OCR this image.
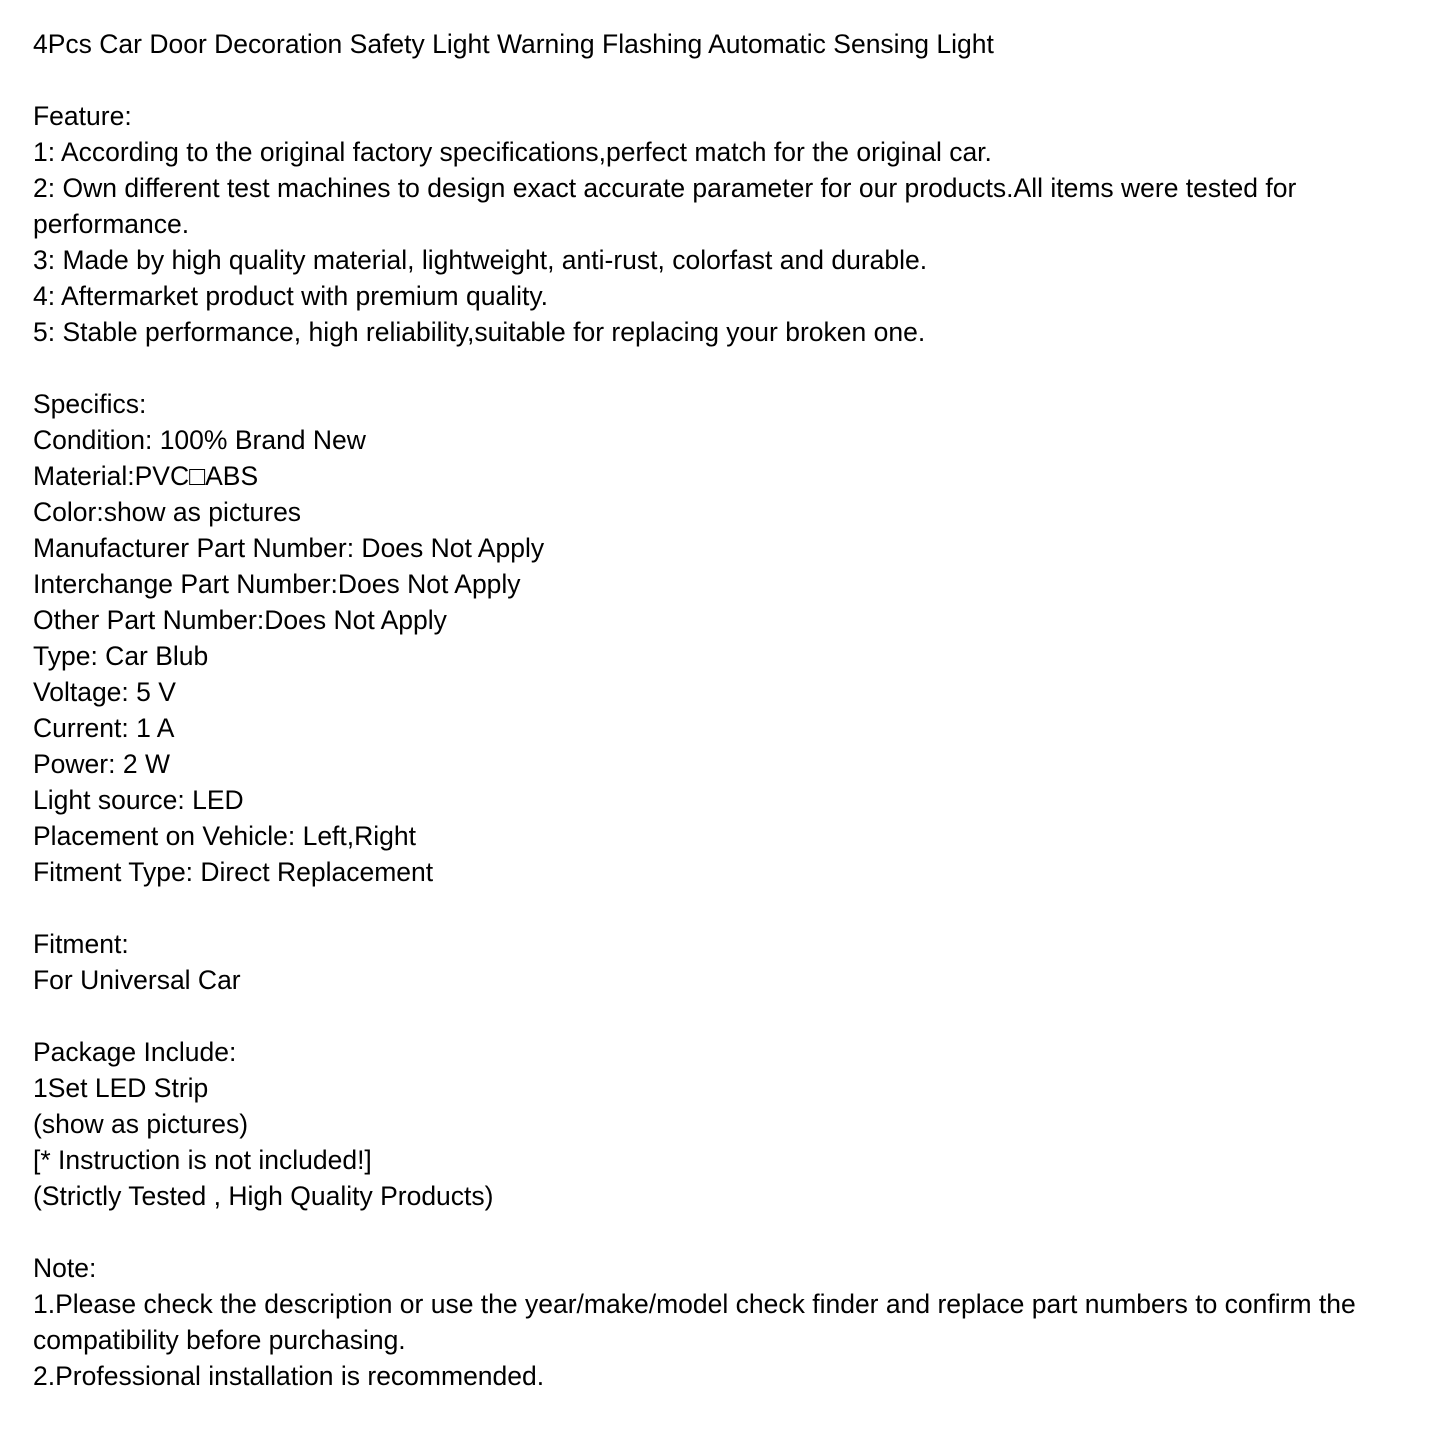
4Pcs Car Door Decoration Safety Light Warning Flashing Automatic Sensing Light

Feature:

1: According to the original factory specifications,perfect match for the original car.

2: Own different test machines to design exact accurate parameter for our products.All items were tested for performance.

3: Made by high quality material, lightweight, anti-rust, colorfast and durable.

4: Aftermarket product with premium quality.

5: Stable performance, high reliability,suitable for replacing your broken one.

Specifics:

Condition: 100% Brand New

Material:PVC□ABS

Color:show as pictures

Manufacturer Part Number: Does Not Apply

Interchange Part Number:Does Not Apply

Other Part Number:Does Not Apply

Type: Car Blub

Voltage: 5 V

Current: 1 A

Power: 2 W

Light source: LED

Placement on Vehicle: Left,Right

Fitment Type: Direct Replacement

Fitment:

For Universal Car

Package Include:

1Set LED Strip

(show as pictures)

[* Instruction is not included!]

(Strictly Tested , High Quality Products)

Note:

1.Please check the description or use the year/make/model check finder and replace part numbers to confirm the compatibility before purchasing.

2.Professional installation is recommended.
